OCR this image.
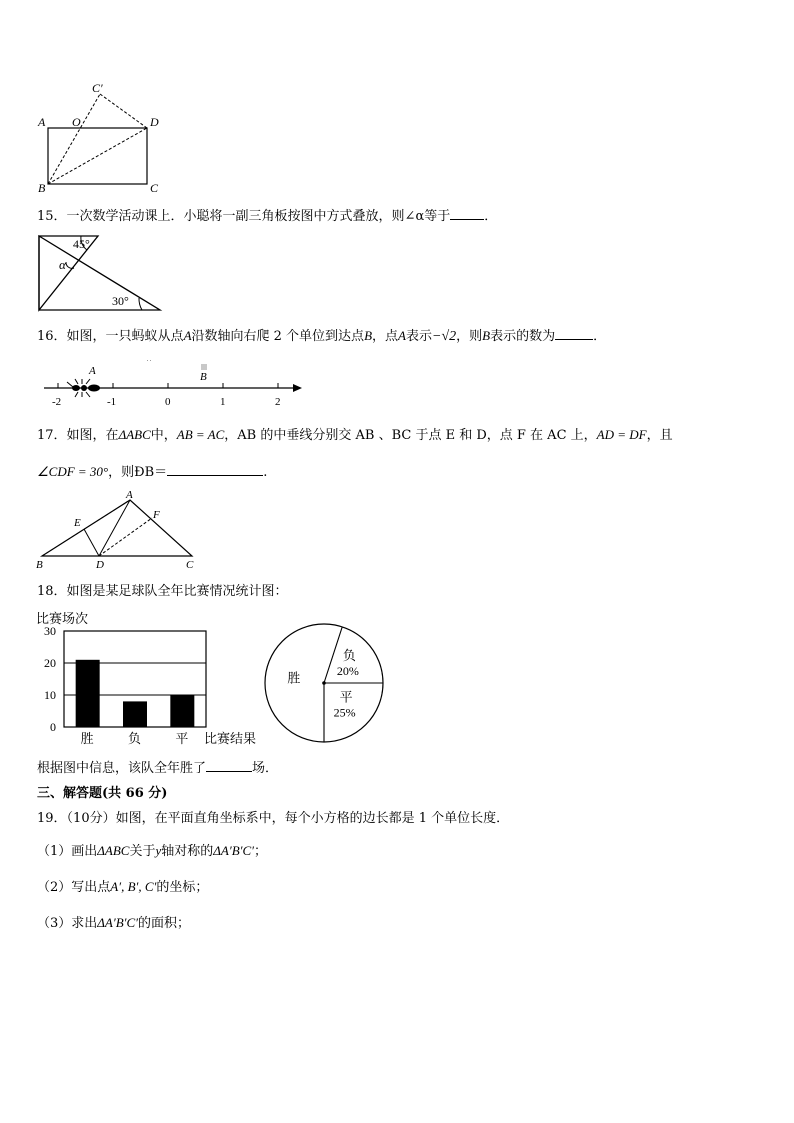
C′
A O	D
B	C
15．一次数学活动课上．小聪将一副三角板按图中方式叠放，则∠α等于	．
45°
α
30°
16．如图，一只蚂蚁从点A沿数轴向右爬 2 个单位到达点B，点A表示−√2，则B表示的数为	．
-2	-1	0	1	2
A	B
˙˙
17．如图，在ΔABC中，AB = AC，AB 的中垂线分别交 AB 、BC 于点 E 和 D，点 F 在 AC 上，AD = DF，且
∠CDF = 30°，则ÐB＝	.
A
E
F
B	D	C
18．如图是某足球队全年比赛情况统计图：
比赛场次
0
10
20
30
胜	负	平 比赛结果
胜
负
20%
平
25%
根据图中信息，该队全年胜了	场．
三、解答题(共 66 分)
19．（10分）如图，在平面直角坐标系中，每个小方格的边长都是 1 个单位长度．
（1）画出ΔABC关于y轴对称的ΔA′B′C′；
（2）写出点A′, B′, C′的坐标；
（3）求出ΔA′B′C′的面积；
